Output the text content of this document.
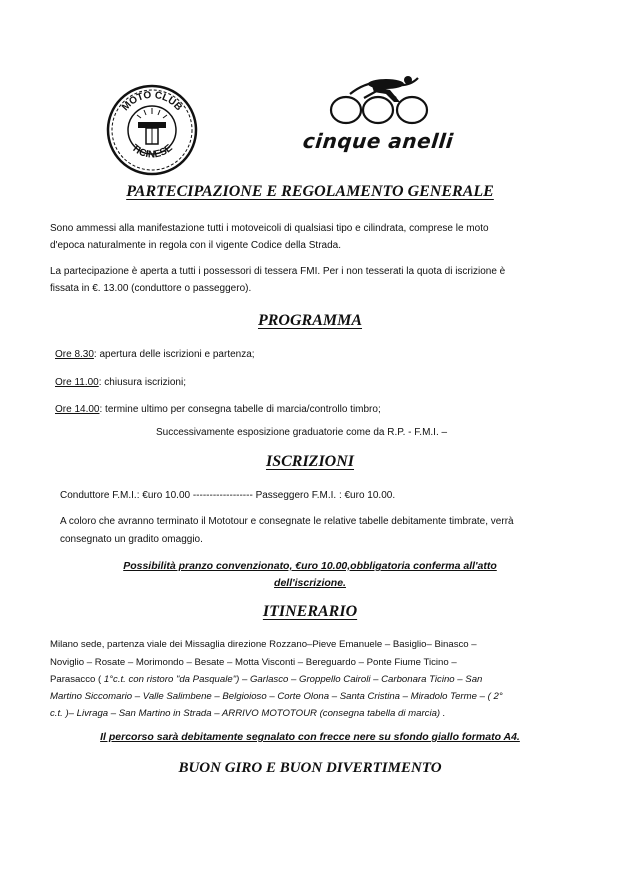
MOTO CLUB
TICINESE	cinque anelli
PARTECIPAZIONE E REGOLAMENTO GENERALE
Sono ammessi alla manifestazione tutti i motoveicoli di qualsiasi tipo e cilindrata, comprese le moto
d'epoca naturalmente in regola con il vigente Codice della Strada.
La partecipazione è aperta a tutti i possessori di tessera FMI. Per i non tesserati la quota di iscrizione è
fissata in €. 13.00 (conduttore o passeggero).
PROGRAMMA
Ore 8.30: apertura delle iscrizioni e partenza;
Ore 11.00: chiusura iscrizioni;
Ore 14.00: termine ultimo per consegna tabelle di marcia/controllo timbro;
Successivamente esposizione graduatorie come da R.P. - F.M.I. –
ISCRIZIONI
Conduttore F.M.I.: €uro 10.00 ------------------ Passeggero F.M.I. : €uro 10.00.
A coloro che avranno terminato il Mototour e consegnate le relative tabelle debitamente timbrate, verrà
consegnato un gradito omaggio.
Possibilità pranzo convenzionato, €uro 10.00,obbligatoria conferma all'atto
dell'iscrizione.
ITINERARIO
Milano sede, partenza viale dei Missaglia direzione Rozzano–Pieve Emanuele – Basiglio– Binasco –
Noviglio – Rosate – Morimondo – Besate – Motta Visconti – Bereguardo – Ponte Fiume Ticino –
Parasacco ( 1°c.t. con ristoro "da Pasquale") – Garlasco – Groppello Cairoli – Carbonara Ticino – San
Martino Siccomario – Valle Salimbene – Belgioioso – Corte Olona – Santa Cristina – Miradolo Terme – ( 2°
c.t. )– Livraga – San Martino in Strada – ARRIVO MOTOTOUR (consegna tabella di marcia) .
Il percorso sarà debitamente segnalato con frecce nere su sfondo giallo formato A4.
BUON GIRO E BUON DIVERTIMENTO
